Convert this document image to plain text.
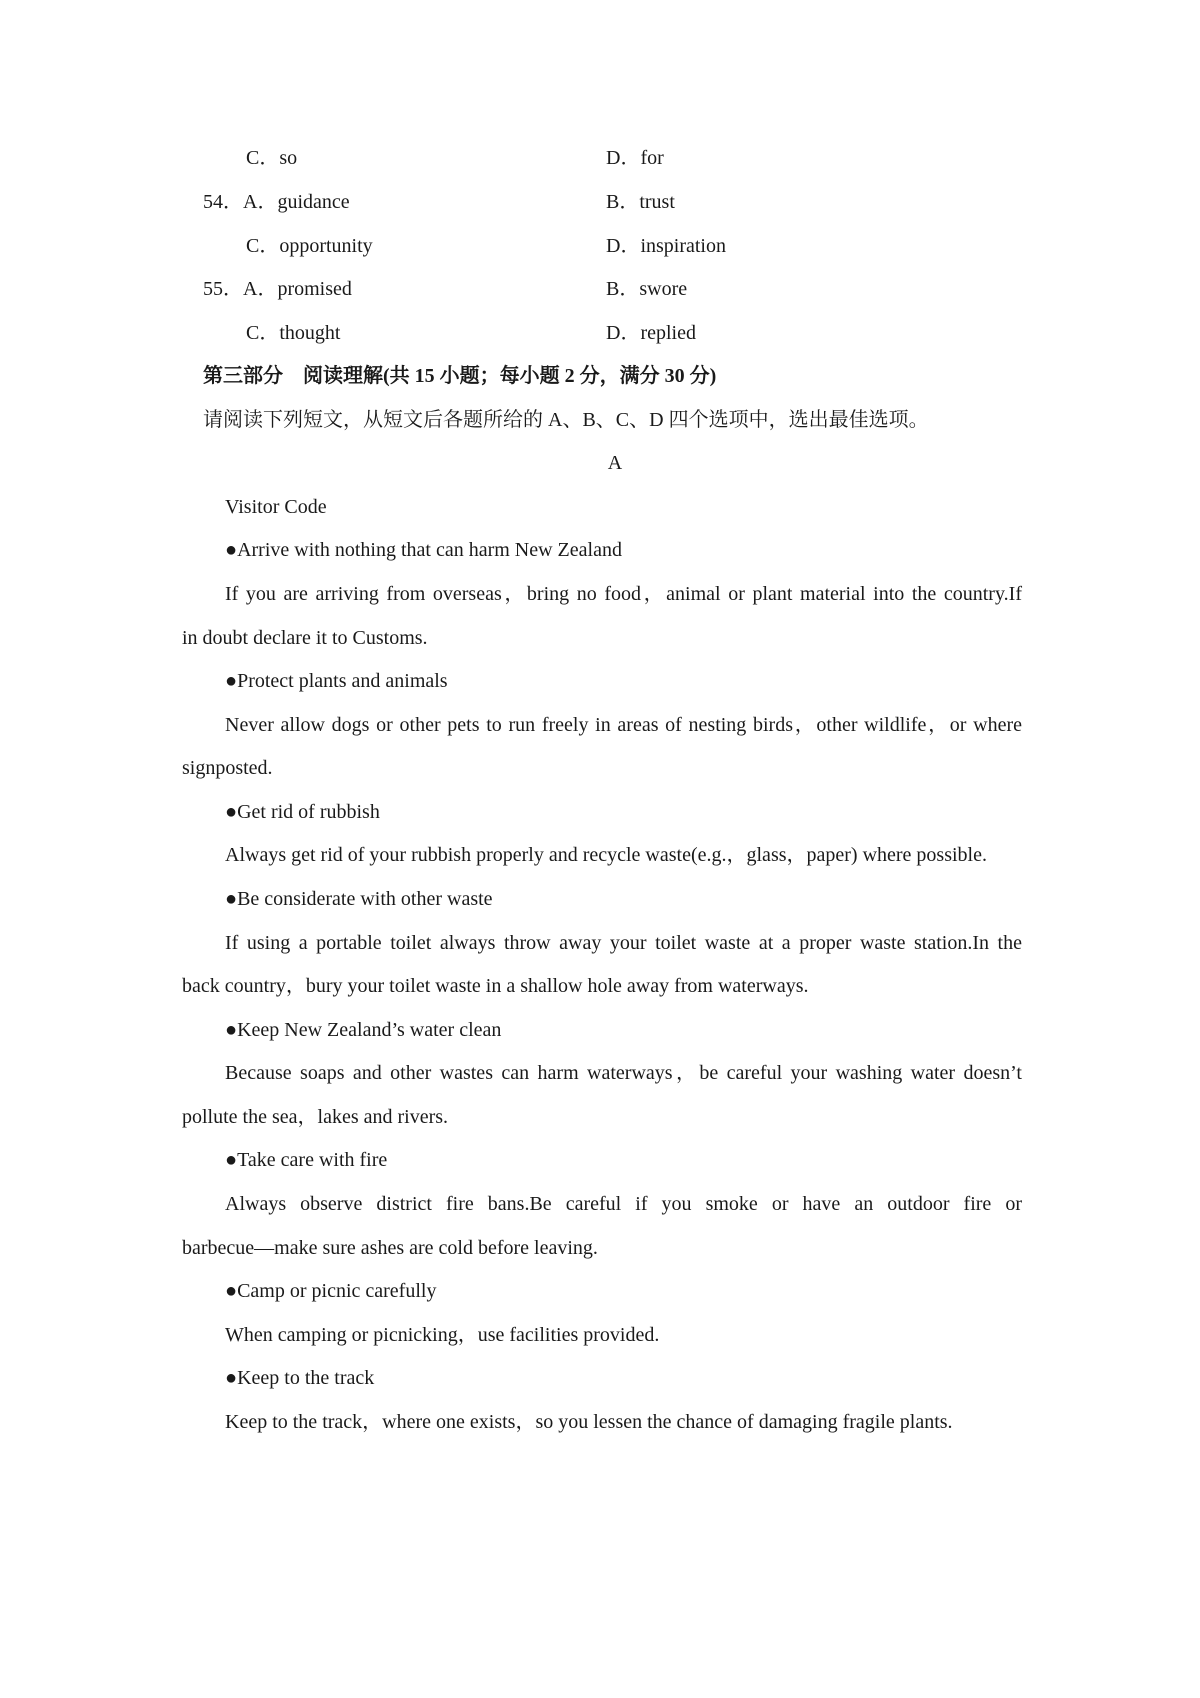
C．so	D．for
54．A．guidance	B．trust
C．opportunity	D．inspiration
55．A．promised	B．swore
C．thought	D．replied
第三部分　阅读理解(共 15 小题；每小题 2 分，满分 30 分)
请阅读下列短文，从短文后各题所给的 A、B、C、D 四个选项中，选出最佳选项。
A
Visitor Code
●Arrive with nothing that can harm New Zealand
If you are arriving from overseas，bring no food，animal or plant material into the country.If
in doubt declare it to Customs.
●Protect plants and animals
Never allow dogs or other pets to run freely in areas of nesting birds，other wildlife，or where
signposted.
●Get rid of rubbish
Always get rid of your rubbish properly and recycle waste(e.g.，glass，paper) where possible.
●Be considerate with other waste
If using a portable toilet always throw away your toilet waste at a proper waste station.In the
back country，bury your toilet waste in a shallow hole away from waterways.
●Keep New Zealand’s water clean
Because soaps and other wastes can harm waterways，be careful your washing water doesn’t
pollute the sea，lakes and rivers.
●Take care with fire
Always observe district fire bans.Be careful if you smoke or have an outdoor fire or
barbecue—make sure ashes are cold before leaving.
●Camp or picnic carefully
When camping or picnicking，use facilities provided.
●Keep to the track
Keep to the track，where one exists，so you lessen the chance of damaging fragile plants.
